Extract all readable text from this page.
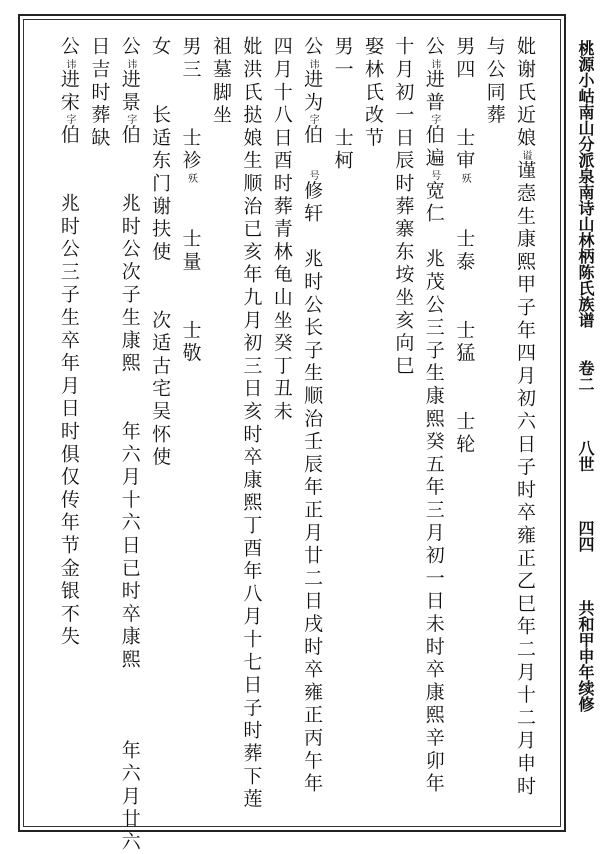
妣谢氏近娘谥谨悫生康熙甲子年四月初六日子时卒雍正乙巳年二月十二月申时
与公同葬
男四　　士审殀　　士泰　　士猛　　士轮
公讳进普字伯遍号宽仁　兆茂公三子生康熙癸五年三月初一日未时卒康熙辛卯年
十月初一日辰时葬寨东垵坐亥向巳
娶林氏改节
男一　　士柯
公讳进为字伯　号修轩　兆时公长子生顺治壬辰年正月廿二日戌时卒雍正丙午年
四月十八日酉时葬青林龟山坐癸丁丑未
妣洪氏挞娘生顺治已亥年九月初三日亥时卒康熙丁酉年八月十七日子时葬下莲
祖墓脚坐
男三　　士袗殀　　士量　　士敬
女　　长适东门谢扶使　　次适古宅吴怀使
公讳进景字伯　　兆时公次子生康熙　　年六月十六日已时卒康熙　　　年六月廿六
日吉时葬缺
公讳进宋字伯　　兆时公三子生卒年月日时俱仅传年节金银不失	桃源小岵南山分派泉南诗山林柄陈氏族谱　　卷二　　　八世　　　四四　　　共和甲申年续修
